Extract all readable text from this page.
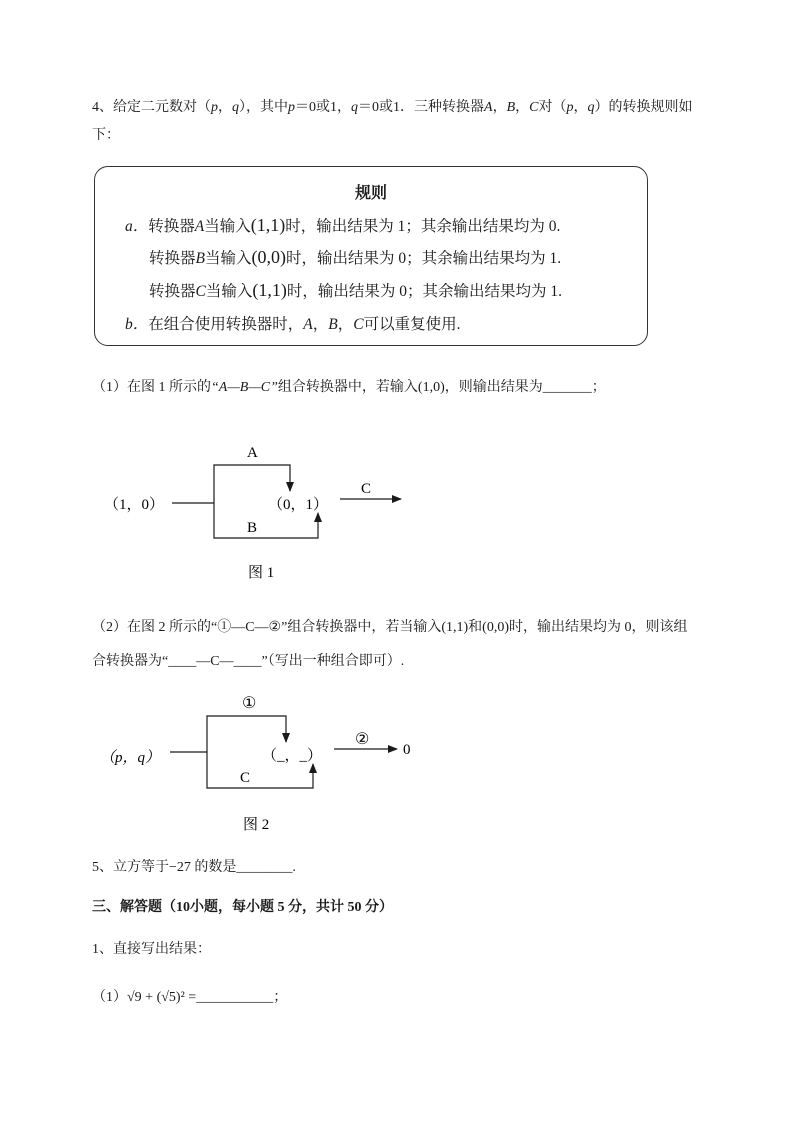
4、给定二元数对（p，q），其中p＝0或1，q＝0或1．三种转换器A，B，C对（p，q）的转换规则如
下：
规则
a．转换器A当输入(1,1)时，输出结果为 1；其余输出结果均为 0.
转换器B当输入(0,0)时，输出结果为 0；其余输出结果均为 1.
转换器C当输入(1,1)时，输出结果为 0；其余输出结果均为 1.
b．在组合使用转换器时，A，B，C可以重复使用.
（1）在图 1 所示的“A—B—C”组合转换器中，若输入(1,0)，则输出结果为_______；
（1，0）
A
B
（0，1）
C
图 1
（2）在图 2 所示的“①—C—②”组合转换器中，若当输入(1,1)和(0,0)时，输出结果均为 0，则该组
合转换器为“____—C—____”（写出一种组合即可）.
（p，q）
①
C
（_，_）
②
0
图 2
5、立方等于−27 的数是________.
三、解答题（10小题，每小题 5 分，共计 50 分）
1、直接写出结果：
（1）√9 + (√5)² =___________；
